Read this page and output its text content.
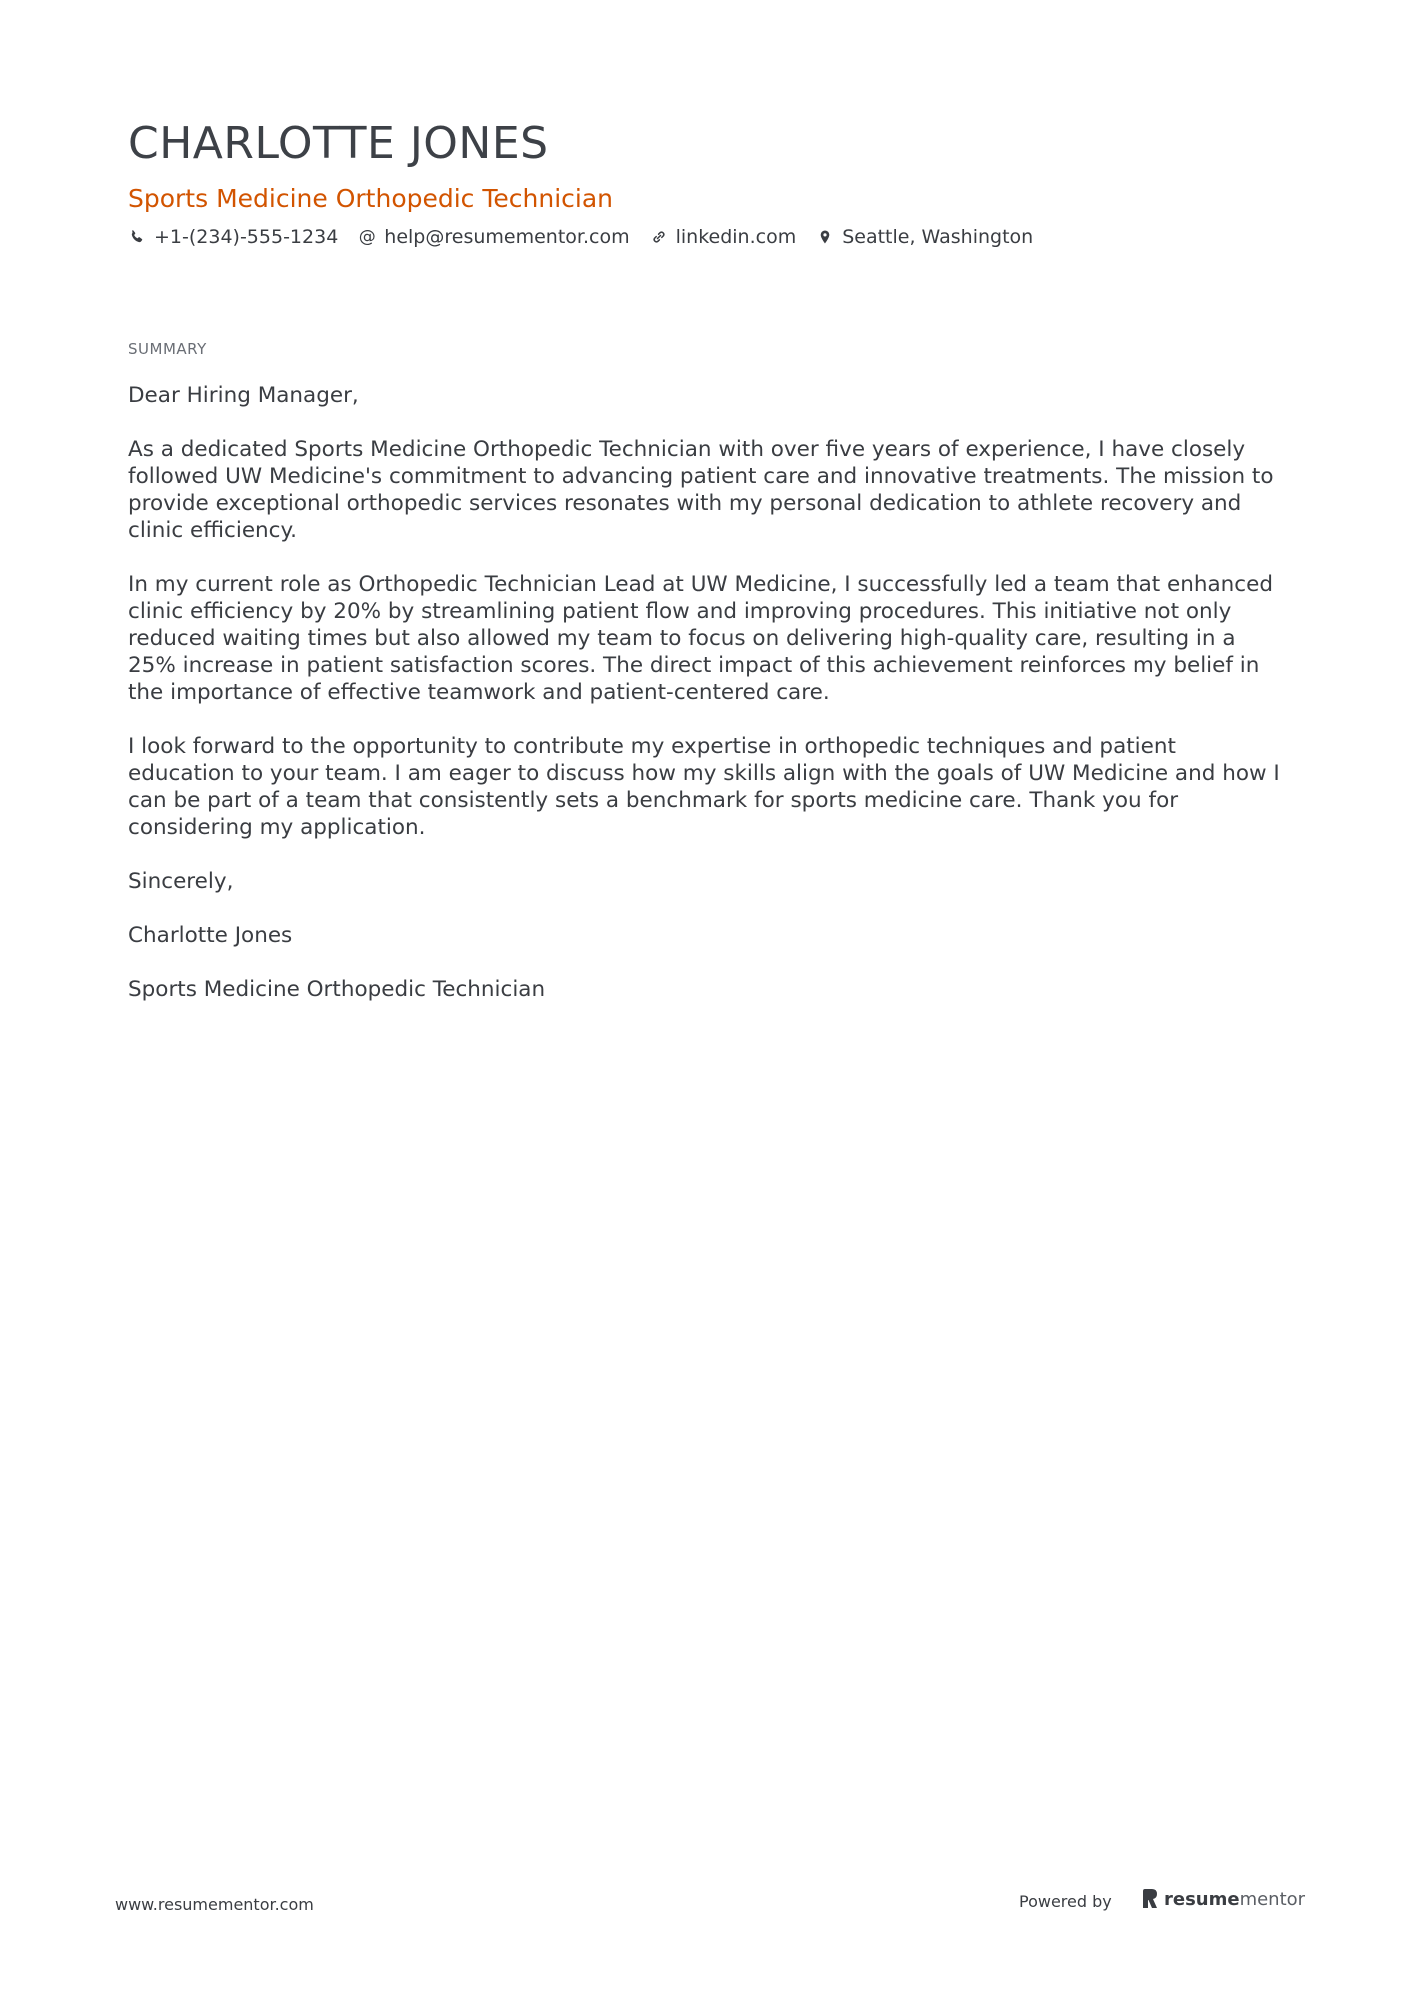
CHARLOTTE JONES
Sports Medicine Orthopedic Technician
+1-(234)-555-1234 @ help@resumementor.com linkedin.com Seattle, Washington
SUMMARY

Dear Hiring Manager,

As a dedicated Sports Medicine Orthopedic Technician with over five years of experience, I have closely followed UW Medicine's commitment to advancing patient care and innovative treatments. The mission to provide exceptional orthopedic services resonates with my personal dedication to athlete recovery and clinic efficiency.

In my current role as Orthopedic Technician Lead at UW Medicine, I successfully led a team that enhanced clinic efficiency by 20% by streamlining patient flow and improving procedures. This initiative not only reduced waiting times but also allowed my team to focus on delivering high-quality care, resulting in a 25% increase in patient satisfaction scores. The direct impact of this achievement reinforces my belief in the importance of effective teamwork and patient-centered care.

I look forward to the opportunity to contribute my expertise in orthopedic techniques and patient education to your team. I am eager to discuss how my skills align with the goals of UW Medicine and how I can be part of a team that consistently sets a benchmark for sports medicine care. Thank you for considering my application.

Sincerely,

Charlotte Jones

Sports Medicine Orthopedic Technician

www.resumementor.com	Powered by	resume mentor
